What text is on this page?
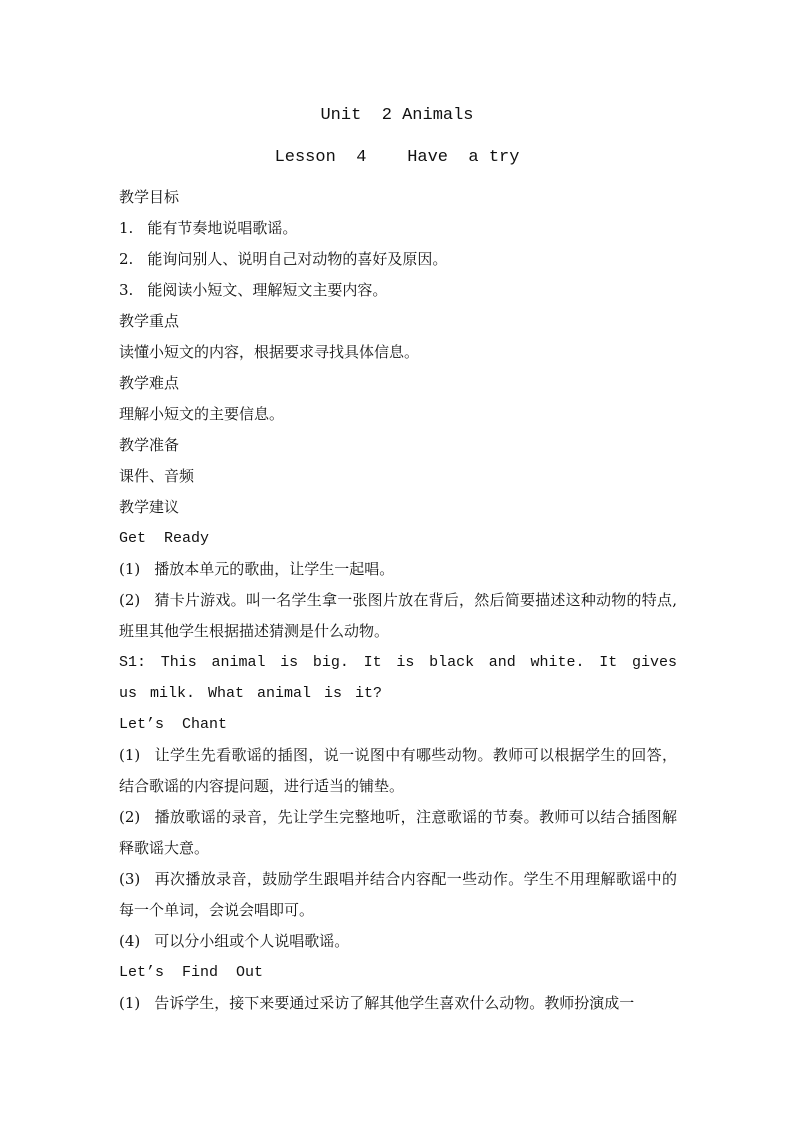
Unit  2 Animals
Lesson  4    Have  a try
教学目标
1. 能有节奏地说唱歌谣。
2. 能询问别人、说明自己对动物的喜好及原因。
3. 能阅读小短文、理解短文主要内容。
教学重点
读懂小短文的内容，根据要求寻找具体信息。
教学难点
理解小短文的主要信息。
教学准备
课件、音频
教学建议
Get  Ready
(1) 播放本单元的歌曲，让学生一起唱。
(2) 猜卡片游戏。叫一名学生拿一张图片放在背后，然后简要描述这种动物的特点,班里其他学生根据描述猜测是什么动物。
S1: This animal is big. It is black and white. It gives us milk. What animal is it?
Let’s  Chant
(1) 让学生先看歌谣的插图，说一说图中有哪些动物。教师可以根据学生的回答，结合歌谣的内容提问题，进行适当的铺垫。
(2) 播放歌谣的录音，先让学生完整地听，注意歌谣的节奏。教师可以结合插图解释歌谣大意。
(3) 再次播放录音，鼓励学生跟唱并结合内容配一些动作。学生不用理解歌谣中的每一个单词，会说会唱即可。
(4) 可以分小组或个人说唱歌谣。
Let’s  Find  Out
(1) 告诉学生，接下来要通过采访了解其他学生喜欢什么动物。教师扮演成一
